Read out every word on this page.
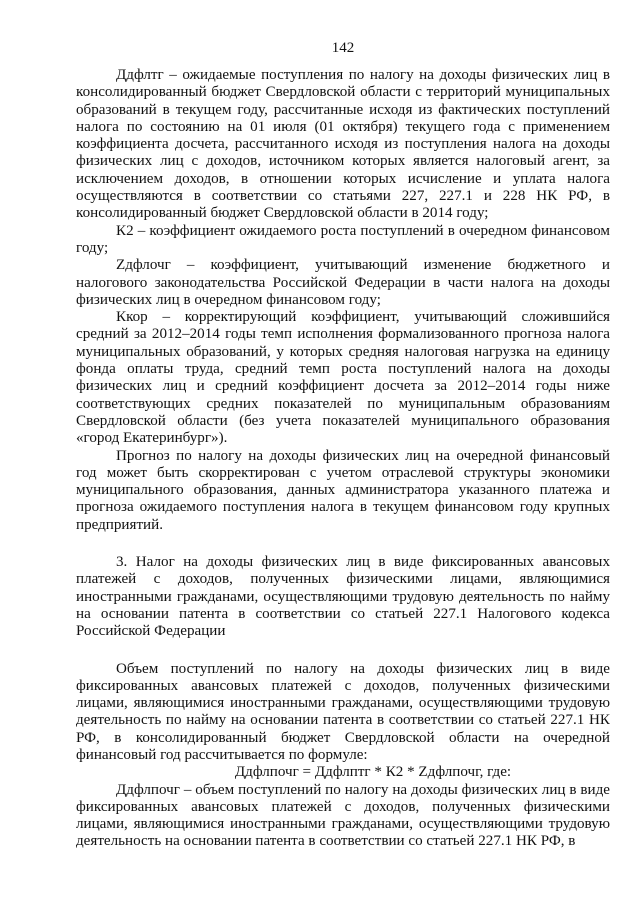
142

Ддфлтг – ожидаемые поступления по налогу на доходы физических лиц в консолидированный бюджет Свердловской области с территорий муниципальных образований в текущем году, рассчитанные исходя из фактических поступлений налога по состоянию на 01 июля (01 октября) текущего года с применением коэффициента досчета, рассчитанного исходя из поступления налога на доходы физических лиц с доходов, источником которых является налоговый агент, за исключением доходов, в отношении которых исчисление и уплата налога осуществляются в соответствии со статьями 227, 227.1 и 228 НК РФ, в консолидированный бюджет Свердловской области в 2014 году;

К2 – коэффициент ожидаемого роста поступлений в очередном финансовом году;

Zдфлочг – коэффициент, учитывающий изменение бюджетного и налогового законодательства Российской Федерации в части налога на доходы физических лиц в очередном финансовом году;

Ккор – корректирующий коэффициент, учитывающий сложившийся средний за 2012–2014 годы темп исполнения формализованного прогноза налога муниципальных образований, у которых средняя налоговая нагрузка на единицу фонда оплаты труда, средний темп роста поступлений налога на доходы физических лиц и средний коэффициент досчета за 2012–2014 годы ниже соответствующих средних показателей по муниципальным образованиям Свердловской области (без учета показателей муниципального образования «город Екатеринбург»).

Прогноз по налогу на доходы физических лиц на очередной финансовый год может быть скорректирован с учетом отраслевой структуры экономики муниципального образования, данных администратора указанного платежа и прогноза ожидаемого поступления налога в текущем финансовом году крупных предприятий.

3. Налог на доходы физических лиц в виде фиксированных авансовых платежей с доходов, полученных физическими лицами, являющимися иностранными гражданами, осуществляющими трудовую деятельность по найму на основании патента в соответствии со статьей 227.1 Налогового кодекса Российской Федерации

Объем поступлений по налогу на доходы физических лиц в виде фиксированных авансовых платежей с доходов, полученных физическими лицами, являющимися иностранными гражданами, осуществляющими трудовую деятельность по найму на основании патента в соответствии со статьей 227.1 НК РФ, в консолидированный бюджет Свердловской области на очередной финансовый год рассчитывается по формуле:

Ддфлпочг = Ддфлптг * К2 * Zдфлпочг, где:

Ддфлпочг – объем поступлений по налогу на доходы физических лиц в виде фиксированных авансовых платежей с доходов, полученных физическими лицами, являющимися иностранными гражданами, осуществляющими трудовую деятельность на основании патента в соответствии со статьей 227.1 НК РФ, в
